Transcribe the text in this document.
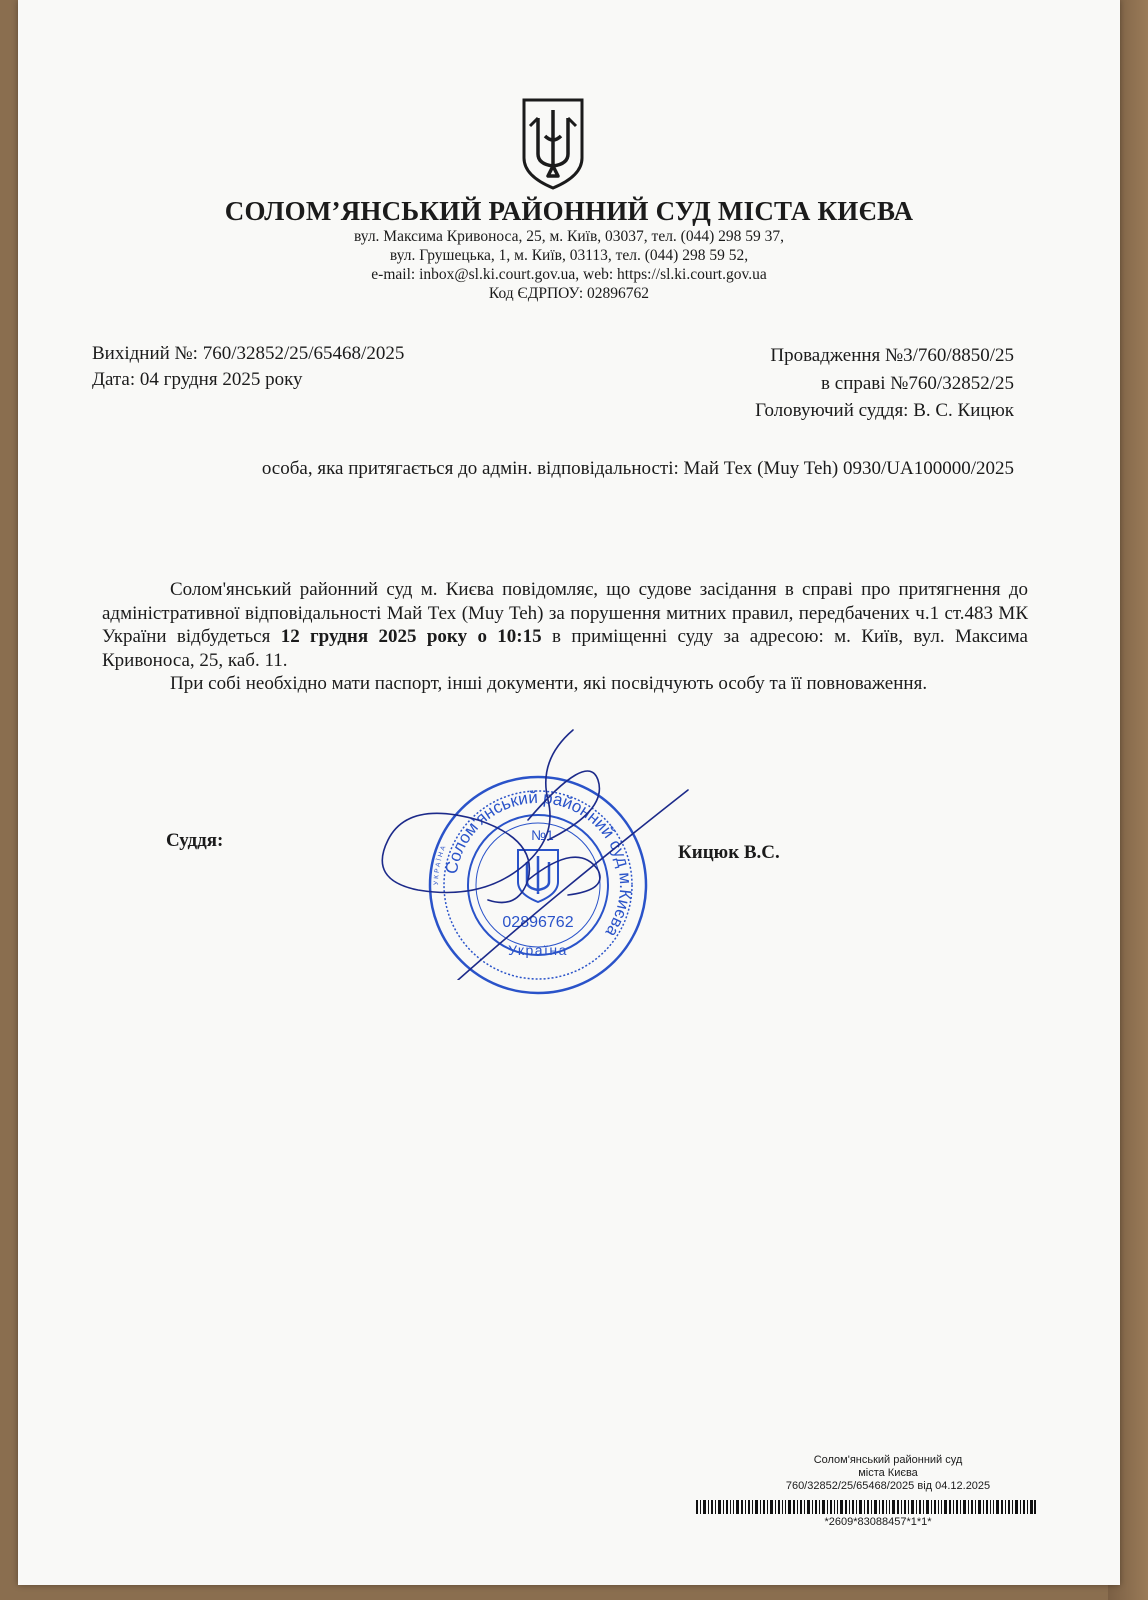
СОЛОМ’ЯНСЬКИЙ РАЙОННИЙ СУД МІСТА КИЄВА
вул. Максима Кривоноса, 25, м. Київ, 03037, тел. (044) 298 59 37,
вул. Грушецька, 1, м. Київ, 03113, тел. (044) 298 59 52,
e-mail: inbox@sl.ki.court.gov.ua, web: https://sl.ki.court.gov.ua
Код ЄДРПОУ: 02896762
Вихідний №: 760/32852/25/65468/2025
Дата: 04 грудня 2025 року
Провадження №3/760/8850/25
в справі №760/32852/25
Головуючий суддя: В. С. Кицюк
особа, яка притягається до адмін. відповідальності: Май Тех (Muy Teh) 0930/UA100000/2025

Солом'янський районний суд м. Києва повідомляє, що судове засідання в справі про притягнення до адміністративної відповідальності Май Тех (Muy Teh) за порушення митних правил, передбачених ч.1 ст.483 МК України відбудеться 12 грудня 2025 року о 10:15 в приміщенні суду за адресою: м. Київ, вул. Максима Кривоноса, 25, каб. 11.

При собі необхідно мати паспорт, інші документи, які посвідчують особу та її повноваження.

Суддя:
Кицюк В.С.
УКРАЇНА
Солом'янський районний суд м.Києва
№1
02896762
Україна
Солом'янський районний суд
міста Києва
760/32852/25/65468/2025 від 04.12.2025
*2609*83088457*1*1*
